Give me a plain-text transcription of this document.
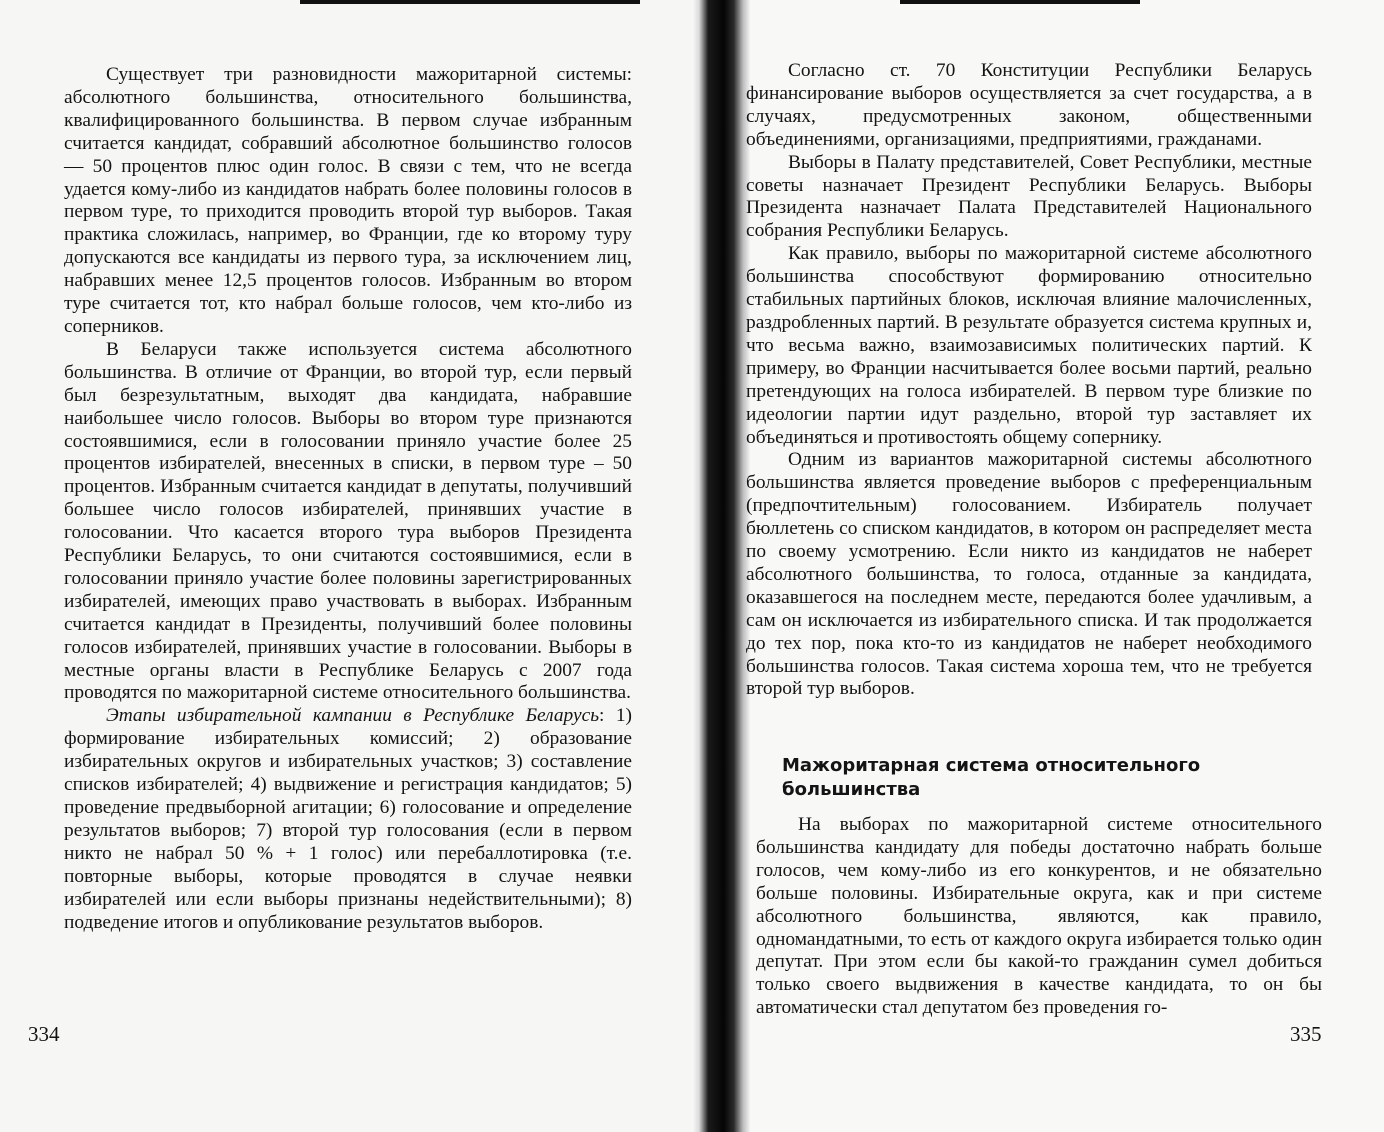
Существует три разновидности мажоритарной системы: абсолютного большинства, относительного большинства, квалифицированного большинства. В первом случае избранным считается кандидат, собравший абсолютное большинство голосов — 50 процентов плюс один голос. В связи с тем, что не всегда удается кому-либо из кандидатов набрать более половины голосов в первом туре, то приходится проводить второй тур выборов. Такая практика сложилась, например, во Франции, где ко второму туру допускаются все кандидаты из первого тура, за исключением лиц, набравших менее 12,5 процентов голосов. Избранным во втором туре считается тот, кто набрал больше голосов, чем кто-либо из соперников.

В Беларуси также используется система абсолютного большинства. В отличие от Франции, во второй тур, если первый был безрезультатным, выходят два кандидата, набравшие наибольшее число голосов. Выборы во втором туре признаются состоявшимися, если в голосовании приняло участие более 25 процентов избирателей, внесенных в списки, в первом туре – 50 процентов. Избранным считается кандидат в депутаты, получивший большее число голосов избирателей, принявших участие в голосовании. Что касается второго тура выборов Президента Республики Беларусь, то они считаются состоявшимися, если в голосовании приняло участие более половины зарегистрированных избирателей, имеющих право участвовать в выборах. Избранным считается кандидат в Президенты, получивший более половины голосов избирателей, принявших участие в голосовании. Выборы в местные органы власти в Республике Беларусь с 2007 года проводятся по мажоритарной системе относительного большинства.

Этапы избирательной кампании в Республике Беларусь: 1) формирование избирательных комиссий; 2) образование избирательных округов и избирательных участков; 3) составление списков избирателей; 4) выдвижение и регистрация кандидатов; 5) проведение предвыборной агитации; 6) голосование и определение результатов выборов; 7) второй тур голосования (если в первом никто не набрал 50 % + 1 голос) или перебаллотировка (т.е. повторные выборы, которые проводятся в случае неявки избирателей или если выборы признаны недействительными); 8) подведение итогов и опубликование результатов выборов.

334

Согласно ст. 70 Конституции Республики Беларусь финансирование выборов осуществляется за счет государства, а в случаях, предусмотренных законом, общественными объединениями, организациями, предприятиями, гражданами.

Выборы в Палату представителей, Совет Республики, местные советы назначает Президент Республики Беларусь. Выборы Президента назначает Палата Представителей Национального собрания Республики Беларусь.

Как правило, выборы по мажоритарной системе абсолютного большинства способствуют формированию относительно стабильных партийных блоков, исключая влияние малочисленных, раздробленных партий. В результате образуется система крупных и, что весьма важно, взаимозависимых политических партий. К примеру, во Франции насчитывается более восьми партий, реально претендующих на голоса избирателей. В первом туре близкие по идеологии партии идут раздельно, второй тур заставляет их объединяться и противостоять общему сопернику.

Одним из вариантов мажоритарной системы абсолютного большинства является проведение выборов с преференциальным (предпочтительным) голосованием. Избиратель получает бюллетень со списком кандидатов, в котором он распределяет места по своему усмотрению. Если никто из кандидатов не наберет абсолютного большинства, то голоса, отданные за кандидата, оказавшегося на последнем месте, передаются более удачливым, а сам он исключается из избирательного списка. И так продолжается до тех пор, пока кто-то из кандидатов не наберет необходимого большинства голосов. Такая система хороша тем, что не требуется второй тур выборов.

Мажоритарная система относительного
большинства

На выборах по мажоритарной системе относительного большинства кандидату для победы достаточно набрать больше голосов, чем кому-либо из его конкурентов, и не обязательно больше половины. Избирательные округа, как и при системе абсолютного большинства, являются, как правило, одномандатными, то есть от каждого округа избирается только один депутат. При этом если бы какой-то гражданин сумел добиться только своего выдвижения в качестве кандидата, то он бы автоматически стал депутатом без проведения го-

335
